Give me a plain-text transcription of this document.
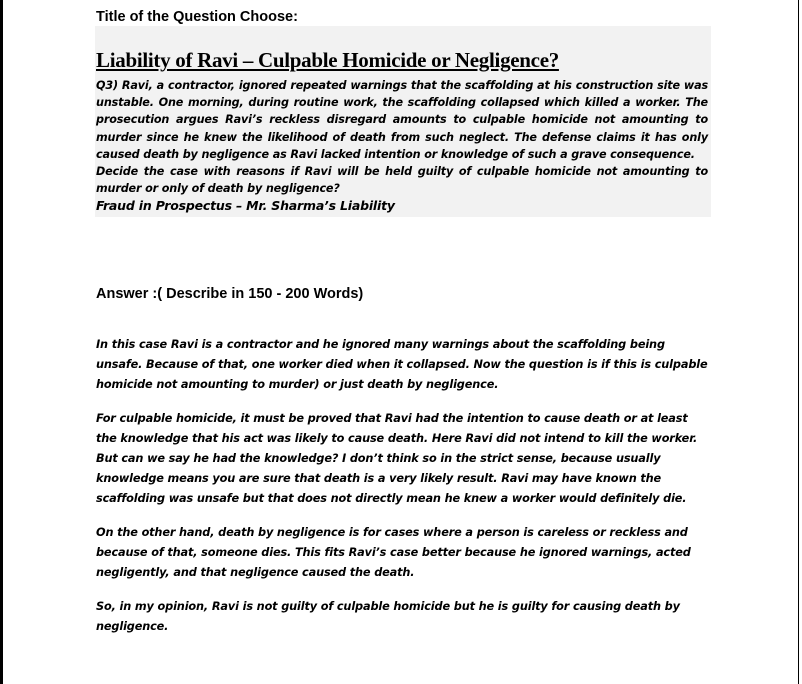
Title of the Question Choose:
Liability of Ravi – Culpable Homicide or Negligence?

Q3) Ravi, a contractor, ignored repeated warnings that the scaffolding at his construction site was unstable. One morning, during routine work, the scaffolding collapsed which killed a worker. The prosecution argues Ravi’s reckless disregard amounts to culpable homicide not amounting to murder since he knew the likelihood of death from such neglect. The defense claims it has only caused death by negligence as Ravi lacked intention or knowledge of such a grave consequence.

Decide the case with reasons if Ravi will be held guilty of culpable homicide not amounting to murder or only of death by negligence?

Fraud in Prospectus – Mr. Sharma’s Liability
Answer :( Describe in 150 - 200 Words)

In this case Ravi is a contractor and he ignored many warnings about the scaffolding being unsafe. Because of that, one worker died when it collapsed. Now the question is if this is culpable homicide not amounting to murder) or just death by negligence.

For culpable homicide, it must be proved that Ravi had the intention to cause death or at least the knowledge that his act was likely to cause death. Here Ravi did not intend to kill the worker. But can we say he had the knowledge? I don’t think so in the strict sense, because usually knowledge means you are sure that death is a very likely result. Ravi may have known the scaffolding was unsafe but that does not directly mean he knew a worker would definitely die.

On the other hand, death by negligence is for cases where a person is careless or reckless and because of that, someone dies. This fits Ravi’s case better because he ignored warnings, acted negligently, and that negligence caused the death.

So, in my opinion, Ravi is not guilty of culpable homicide but he is guilty for causing death by negligence.
